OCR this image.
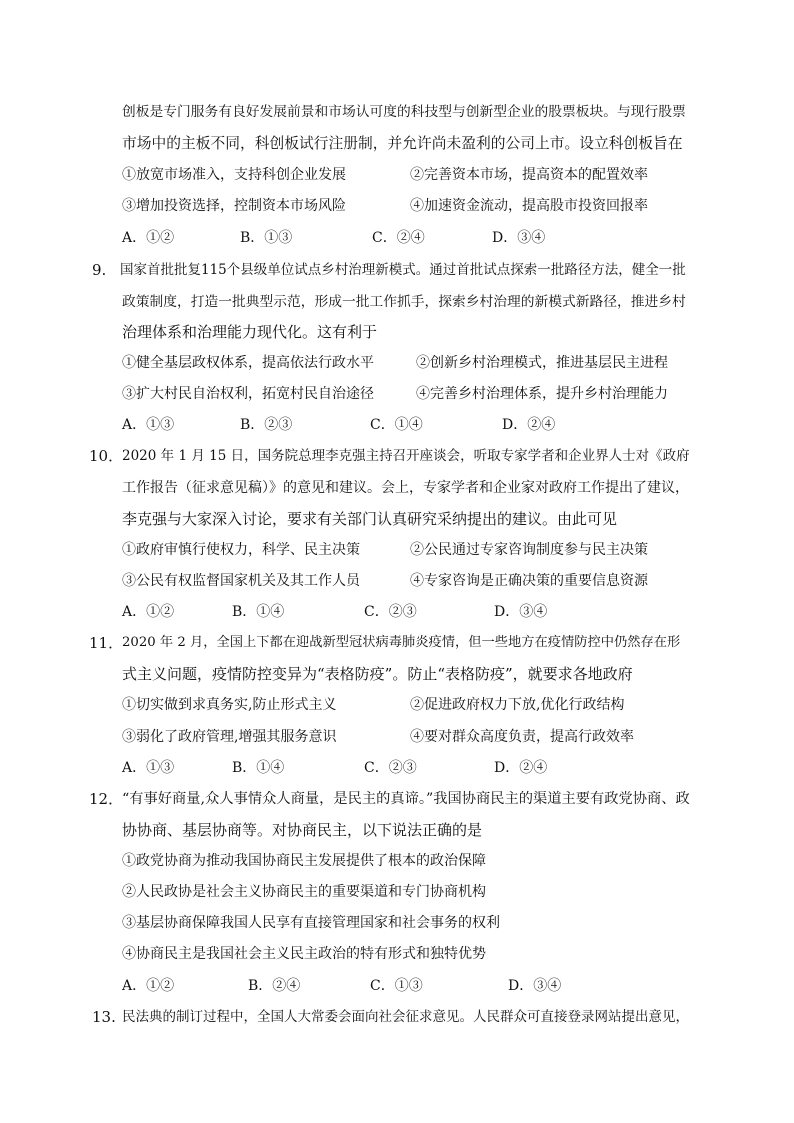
创板是专门服务有良好发展前景和市场认可度的科技型与创新型企业的股票板块。与现行股票
市场中的主板不同，科创板试行注册制，并允许尚未盈利的公司上市。设立科创板旨在
①放宽市场准入，支持科创企业发展	②完善资本市场，提高资本的配置效率
③增加投资选择，控制资本市场风险	④加速资金流动，提高股市投资回报率
A．①②	B．①③	C．②④	D．③④
9. 国家首批批复115个县级单位试点乡村治理新模式。通过首批试点探索一批路径方法，健全一批
政策制度，打造一批典型示范，形成一批工作抓手，探索乡村治理的新模式新路径，推进乡村
治理体系和治理能力现代化。这有利于
①健全基层政权体系，提高依法行政水平	②创新乡村治理模式，推进基层民主进程
③扩大村民自治权利，拓宽村民自治途径	④完善乡村治理体系，提升乡村治理能力
A．①③	B．②③	C．①④	D．②④
10．
2020 年 1 月 15 日，国务院总理李克强主持召开座谈会，听取专家学者和企业界人士对《政府
工作报告（征求意见稿）》的意见和建议。会上，专家学者和企业家对政府工作提出了建议，
李克强与大家深入讨论，要求有关部门认真研究采纳提出的建议。由此可见
①政府审慎行使权力，科学、民主决策	②公民通过专家咨询制度参与民主决策
③公民有权监督国家机关及其工作人员	④专家咨询是正确决策的重要信息资源
A．①②	B．①④	C．②③	D．③④
11．
2020 年 2 月，全国上下都在迎战新型冠状病毒肺炎疫情，但一些地方在疫情防控中仍然存在形
式主义问题，疫情防控变异为“表格防疫”。防止“表格防疫”，就要求各地政府
①切实做到求真务实,防止形式主义	②促进政府权力下放,优化行政结构
③弱化了政府管理,增强其服务意识	④要对群众高度负责，提高行政效率
A．①③	B．①④	C．②③	D．②④
12．
“有事好商量,众人事情众人商量，是民主的真谛。”我国协商民主的渠道主要有政党协商、政
协协商、基层协商等。对协商民主，以下说法正确的是
①政党协商为推动我国协商民主发展提供了根本的政治保障
②人民政协是社会主义协商民主的重要渠道和专门协商机构
③基层协商保障我国人民享有直接管理国家和社会事务的权利
④协商民主是我国社会主义民主政治的特有形式和独特优势
A．①②	B．②④	C．①③	D．③④
13. 民法典的制订过程中，全国人大常委会面向社会征求意见。人民群众可直接登录网站提出意见，
